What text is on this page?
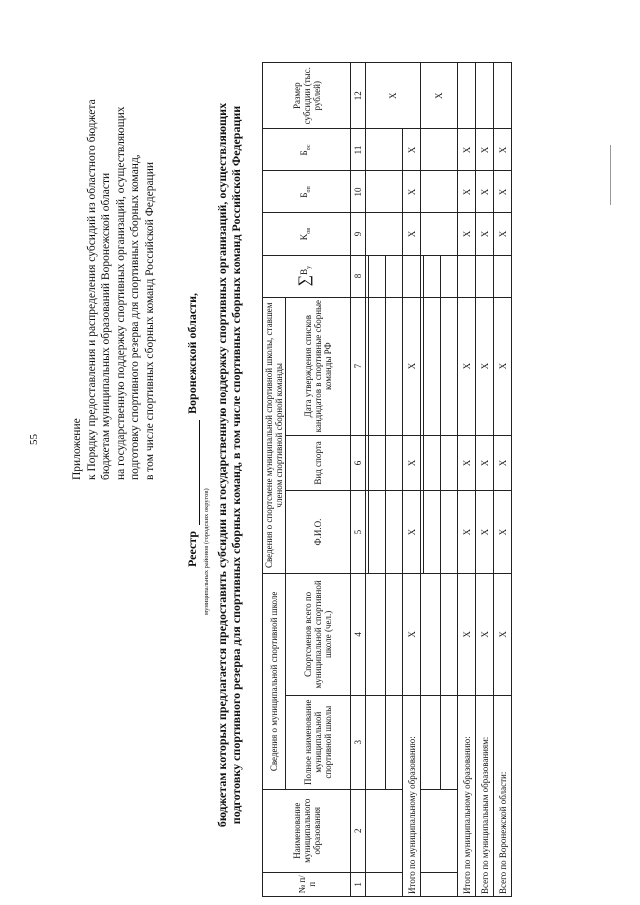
55	Приложение к Порядку предоставления и распределения субсидий из областного бюджета бюджетам муниципальных образований Воронежской области на государственную поддержку спортивных организаций, осуществляющих подготовку спортивного резерва для спортивных сборных команд, в том числе спортивных сборных команд Российской Федерации
Реестр  Воронежской области,
муниципальных районов (городских округов) бюджетам которых предлагается предоставить субсидии на государственную поддержку спортивных организаций, осуществляющих подготовку спортивного резерва для спортивных сборных команд, в том числе спортивных сборных команд Российской Федерации
№ п/п	Наименование муниципального образования	Сведения о муниципальной спортивной школе		Сведения о спортсмене муниципальной спортивной школы, ставшем членом спортивной сборной команды			$\sum B_y$	$K_{ов}$	$Б_{оп}$	$Б_{ос}$	Размер субсидии (тыс. рублей)
		Полное наименование муниципальной спортивной школы	Спортсменов всего по муниципальной спортивной школе (чел.)	Ф.И.О.	Вид спорта	Дата утверждения списков кандидатов в спортивные сборные команды РФ					
1	2	3	4	5	6	7	8	9	10	11	12
											X

Итого по муниципальному образованию:			X	X	X	X		X	X	X	
											X

Итого по муниципальному образованию:			X	X	X	X		X	X	X	
Всего по муниципальным образованиям:			X	X	X	X		X	X	X	
Всего по Воронежской области:			X	X	X	X		X	X	X	
